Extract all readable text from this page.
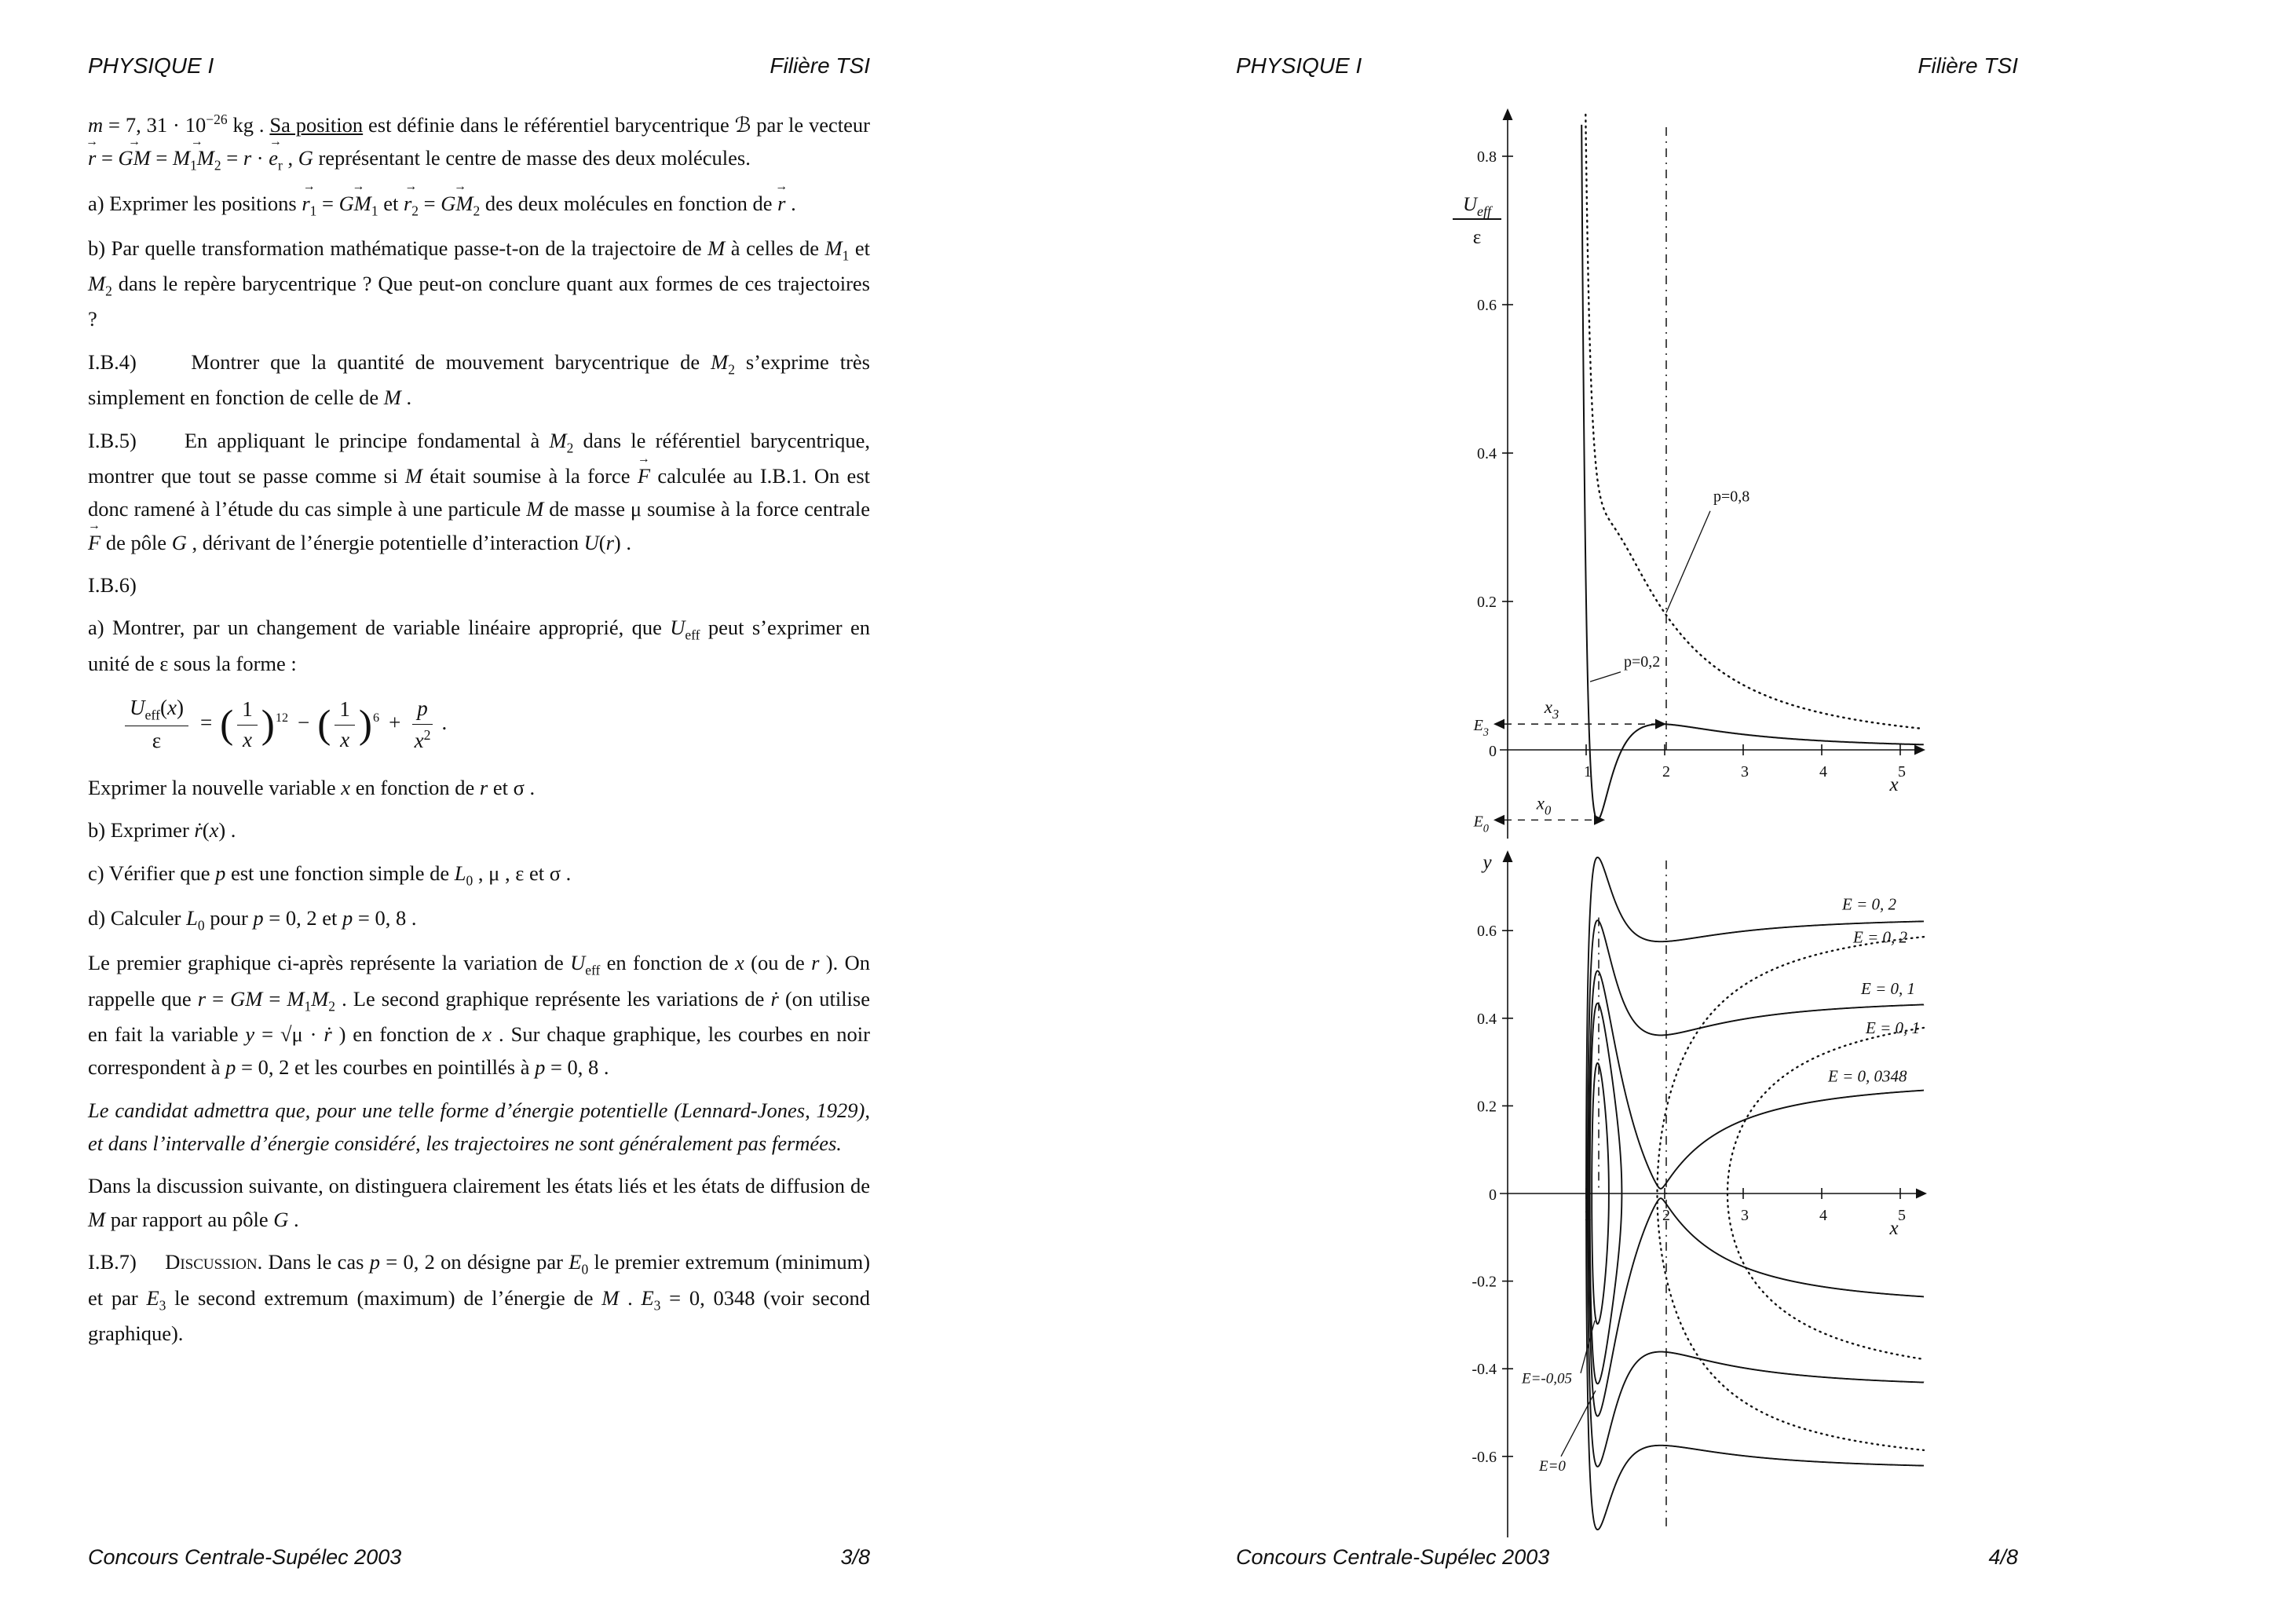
PHYSIQUE I	Filière TSI

m = 7, $31 \cdot 10^{-26}$ kg . Sa position est définie dans le référentiel barycentrique ℬ par le vecteur → r = → GM = → $M_1M_2 = r$ · → $e_r$ , G représentant le centre de masse des deux molécules.

a) Exprimer les positions → $r_1$ = → $GM_1$ et → $r_2$ = → $GM_2$ des deux molécules en fonction de → r .

b) Par quelle transformation mathématique passe-t-on de la trajectoire de M à celles de $M_1$ et $M_2$ dans le repère barycentrique ? Que peut-on conclure quant aux formes de ces trajectoires ?

I.B.4)     Montrer que la quantité de mouvement barycentrique de $M_2$ s’exprime très simplement en fonction de celle de M .

I.B.5)     En appliquant le principe fondamental à $M_2$ dans le référentiel barycentrique, montrer que tout se passe comme si M était soumise à la force → F calculée au I.B.1. On est donc ramené à l’étude du cas simple à une particule M de masse μ soumise à la force centrale → F de pôle G , dérivant de l’énergie potentielle d’interaction U(r) .

I.B.6)

a) Montrer, par un changement de variable linéaire approprié, que $U_{eff}$ peut s’exprimer en unité de ε sous la forme :

$\frac{U_{eff}(x)}{\varepsilon}$ = ( $\frac{1}{x} )^{12}$ − ( $\frac{1}{x} )^6 + \frac{p}{x^2}$ .

Exprimer la nouvelle variable x en fonction de r et σ .

b) Exprimer ṙ(x) .

c) Vérifier que p est une fonction simple de $L_0$ , μ , ε et σ .

d) Calculer $L_0$ pour p = 0, 2 et p = 0, 8 .

Le premier graphique ci-après représente la variation de $U_{eff}$ en fonction de x (ou de r ). On rappelle que r = GM = $M_1M_2$ . Le second graphique représente les variations de ṙ (on utilise en fait la variable y = √μ · ṙ ) en fonction de x . Sur chaque graphique, les courbes en noir correspondent à p = 0, 2 et les courbes en pointillés à p = 0, 8 .

Le candidat admettra que, pour une telle forme d’énergie potentielle (Lennard-Jones, 1929), et dans l’intervalle d’énergie considéré, les trajectoires ne sont généralement pas fermées.

Dans la discussion suivante, on distinguera clairement les états liés et les états de diffusion de M par rapport au pôle G .

I.B.7)     Discussion. Dans le cas p = 0, 2 on désigne par $E_0$ le premier extremum (minimum) et par $E_3$ le second extremum (maximum) de l’énergie de M . $E_3 = 0$, 0348 (voir second graphique).

Concours Centrale-Supélec 2003	3/8
PHYSIQUE I	Filière TSI
0.2
0.4
0.6
0.8
1	2	3	4	5
0
x
$U_{eff}$
ε
$E_3$
$x_3$
$E_0$
$x_0$
p=0,8
p=0,2
0.6
0.4
0.2
-0.2
-0.4
-0.6
1	2	3	4	5
0
x
y
E = 0, 2
E = 0, 2
E = 0, 1
E = 0, 1
E = 0, 0348
E=-0,05
E=0
Concours Centrale-Supélec 2003	4/8
